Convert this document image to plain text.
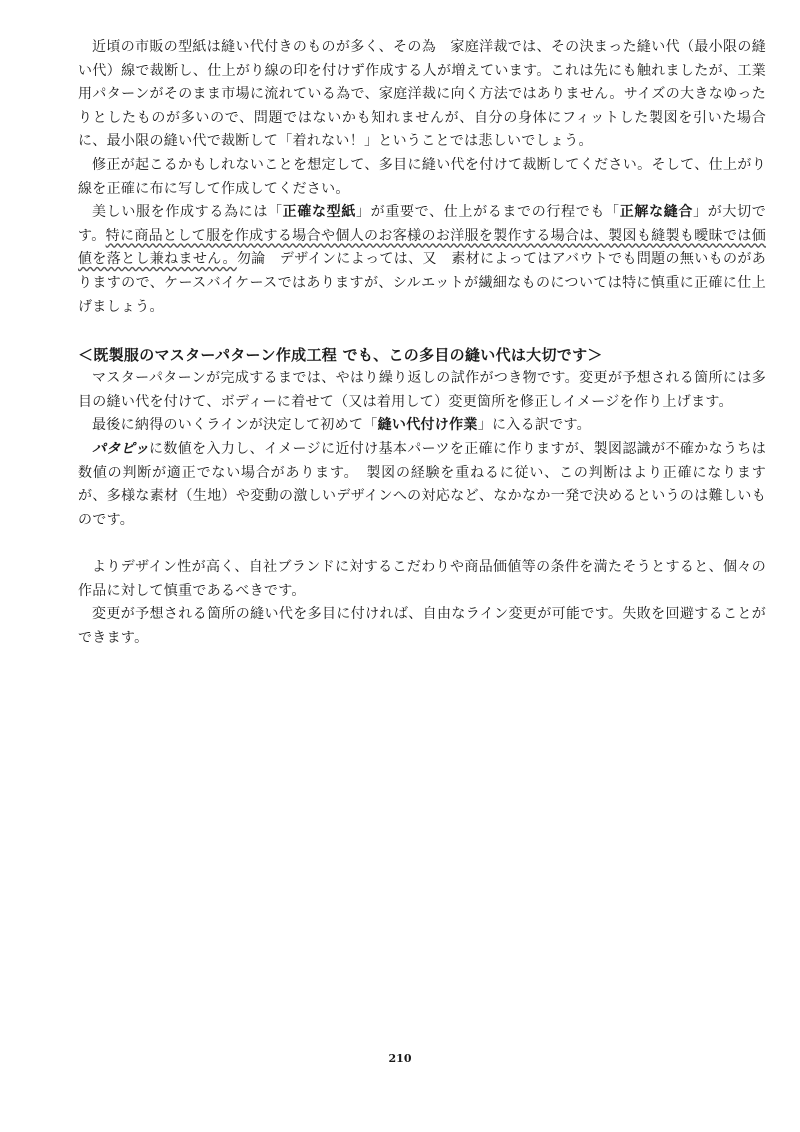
近頃の市販の型紙は縫い代付きのものが多く、その為　家庭洋裁では、その決まった縫い代（最小限の縫い代）線で裁断し、仕上がり線の印を付けず作成する人が増えています。これは先にも触れましたが、工業用パターンがそのまま市場に流れている為で、家庭洋裁に向く方法ではありません。サイズの大きなゆったりとしたものが多いので、問題ではないかも知れませんが、自分の身体にフィットした製図を引いた場合に、最小限の縫い代で裁断して「着れない！」ということでは悲しいでしょう。

修正が起こるかもしれないことを想定して、多目に縫い代を付けて裁断してください。そして、仕上がり線を正確に布に写して作成してください。

美しい服を作成する為には「正確な型紙」が重要で、仕上がるまでの行程でも「正解な縫合」が大切です。特に商品として服を作成する場合や個人のお客様のお洋服を製作する場合は、製図も縫製も曖昧では価値を落とし兼ねません。勿論　デザインによっては、又　素材によってはアバウトでも問題の無いものがありますので、ケースバイケースではありますが、シルエットが繊細なものについては特に慎重に正確に仕上げましょう。

＜既製服のマスターパターン作成工程 でも、この多目の縫い代は大切です＞

マスターパターンが完成するまでは、やはり繰り返しの試作がつき物です。変更が予想される箇所には多目の縫い代を付けて、ボディーに着せて（又は着用して）変更箇所を修正しイメージを作り上げます。

最後に納得のいくラインが決定して初めて「縫い代付け作業」に入る訳です。

パタピッに数値を入力し、イメージに近付け基本パーツを正確に作りますが、製図認識が不確かなうちは　数値の判断が適正でない場合があります。　製図の経験を重ねるに従い、この判断はより正確になりますが、多様な素材（生地）や変動の激しいデザインへの対応など、なかなか一発で決めるというのは難しいものです。

よりデザイン性が高く、自社ブランドに対するこだわりや商品価値等の条件を満たそうとすると、個々の作品に対して慎重であるべきです。

変更が予想される箇所の縫い代を多目に付ければ、自由なライン変更が可能です。失敗を回避することができます。

210
